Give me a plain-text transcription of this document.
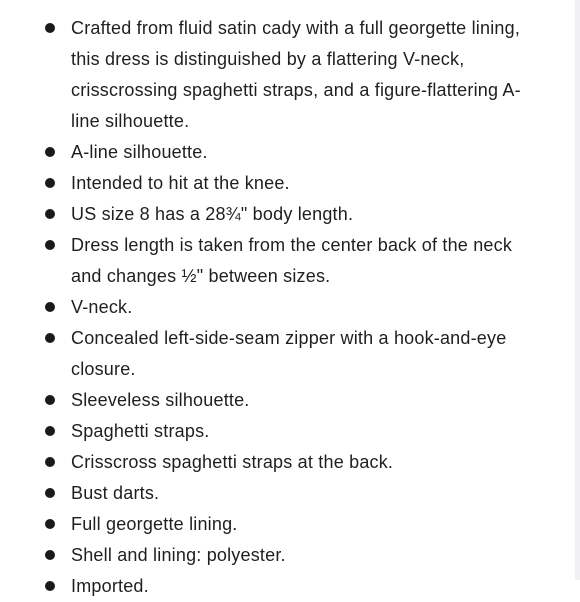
Crafted from fluid satin cady with a full georgette lining, this dress is distinguished by a flattering V-neck, crisscrossing spaghetti straps, and a figure-flattering A-line silhouette.
A-line silhouette.
Intended to hit at the knee.
US size 8 has a 28¾" body length.
Dress length is taken from the center back of the neck and changes ½" between sizes.
V-neck.
Concealed left-side-seam zipper with a hook-and-eye closure.
Sleeveless silhouette.
Spaghetti straps.
Crisscross spaghetti straps at the back.
Bust darts.
Full georgette lining.
Shell and lining: polyester.
Imported.
